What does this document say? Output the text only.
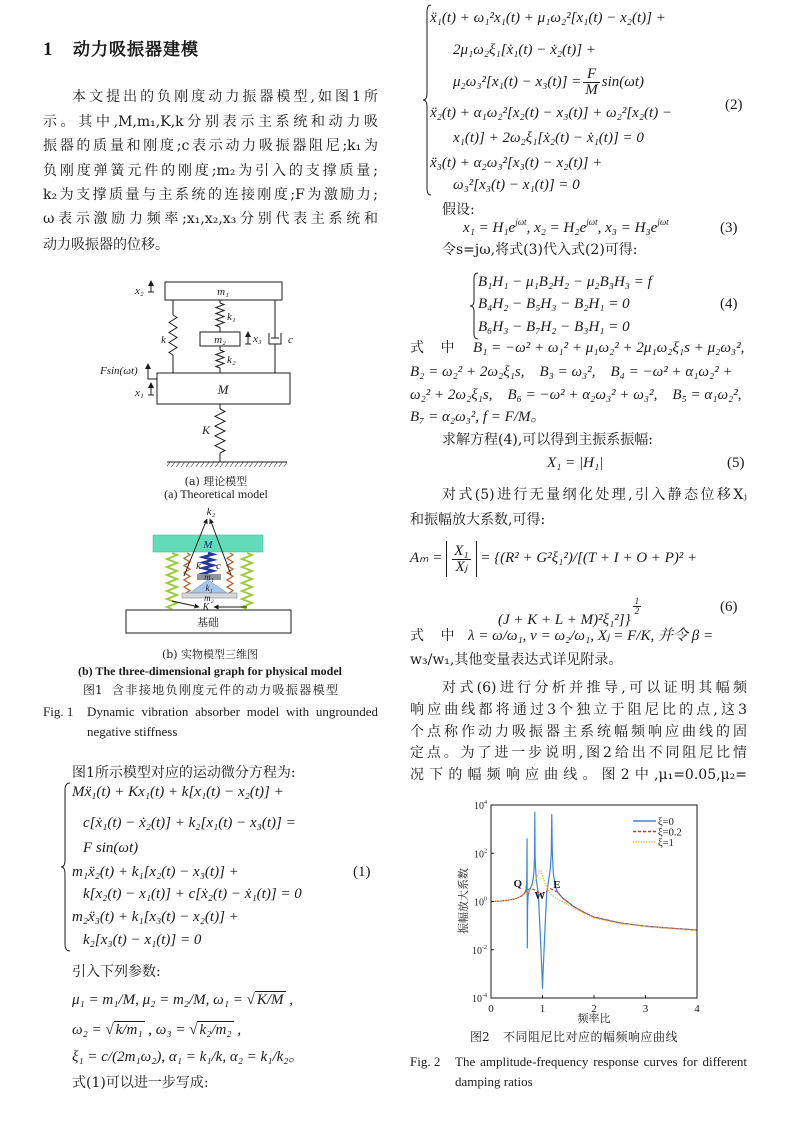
1 动力吸振器建模
本文提出的负刚度动力振器模型,如图1所
示。其中,M,m₁,K,k分别表示主系统和动力吸
振器的质量和刚度;c表示动力吸振器阻尼;k₁为
负刚度弹簧元件的刚度;m₂为引入的支撑质量;
k₂为支撑质量与主系统的连接刚度;F为激励力;
ω表示激励力频率;x₁,x₂,x₃分别代表主系统和
动力吸振器的位移。
m₁
k
k₁
m₂ x₃ c
k₂
M
K
x₂
x₁
Fsin(ωt)
(a) 理论模型
(a) Theoretical model
k₂
M
k c
m₁
k₁
m₂
K
基础
(b) 实物模型三维图
(b) The three-dimensional graph for physical model
图1 含非接地负刚度元件的动力吸振器模型
Fig. 1 Dynamic vibration absorber model with ungrounded
negative stiffness
图1所示模型对应的运动微分方程为:
Mẍ₁(t) + Kx₁(t) + k[x₁(t) − x₂(t)] +
c[ẋ₁(t) − ẋ₂(t)] + k₂[x₁(t) − x₃(t)] =
F sin(ωt)
m₁ẍ₂(t) + k₁[x₂(t) − x₃(t)] +
k[x₂(t) − x₁(t)] + c[ẋ₂(t) − ẋ₁(t)] = 0
m₂ẍ₃(t) + k₁[x₃(t) − x₂(t)] +
k₂[x₃(t) − x₁(t)] = 0
(1)
引入下列参数:
μ₁ = m₁/M, μ₂ = m₂/M, ω₁ = √ K/M ,
ω₂ = √ k/m₁ , ω₃ = √ k₂/m₂ ,
ξ₁ = c/(2m₁ω₂), α₁ = k₁/k, α₂ = k₁/k₂。
式(1)可以进一步写成:
ẍ₁(t) + ω₁²x₁(t) + μ₁ω₂²[x₁(t) − x₂(t)] +
2μ₁ω₂ξ₁[ẋ₁(t) − ẋ₂(t)] +
$\mu_2\omega_3^2[x_1(t) - x_3(t)] = \frac{F}{M} \sin(\omega t)$
ẍ₂(t) + α₁ω₂²[x₂(t) − x₃(t)] + ω₂²[x₂(t) −
x₁(t)] + 2ω₂ξ₁[ẋ₂(t) − ẋ₁(t)] = 0
ẍ₃(t) + α₂ω₃²[x₃(t) − x₂(t)] +
ω₃²[x₃(t) − x₁(t)] = 0
(2)
假设:
$x_1 = H_1e^{j\omega t}$, $x_2 = H_2e^{j\omega t}$, $x_3 = H_3e^{j\omega t}$	(3)
令s=jω,将式(3)代入式(2)可得:
B₁H₁ − μ₁B₂H₂ − μ₂B₃H₃ = f
B₄H₂ − B₅H₃ − B₂H₁ = 0
B₆H₃ − B₇H₂ − B₃H₁ = 0
(4)
式 中 B₁ = −ω² + ω₁² + μ₁ω₂² + 2μ₁ω₂ξ₁s + μ₂ω₃²,
B₂ = ω₂² + 2ω₂ξ₁s,    B₃ = ω₃²,    B₄ = −ω² + α₁ω₂² +
ω₂² + 2ω₂ξ₁s,    B₆ = −ω² + α₂ω₃² + ω₃²,    B₅ = α₁ω₂²,
B₇ = α₂ω₃², f = F/M。
求解方程(4),可以得到主振系振幅:
X₁ = |H₁|	(5)
对式(5)进行无量纲化处理,引入静态位移Xⱼ
和振幅放大系数,可得:
$A_m = \frac{\text{X₁}}{\text{Xⱼ}} = \{(R^2 + G^2\xi_1^2)/[(T + I + O + P)^2$ +
(J + K + L + M)²ξ₁²]}
$\frac{1}{2}$	(6)
式 中 λ = ω/ω₁, ν = ω₂/ω₁, Xⱼ = F/K, 并令 β =
w₃/w₁,其他变量表达式详见附录。
对式(6)进行分析并推导,可以证明其幅频
响应曲线都将通过3个独立于阻尼比的点,这3
个点称作动力吸振器主系统幅频响应曲线的固
定点。为了进一步说明,图2给出不同阻尼比情
况下的幅频响应曲线。图2中,μ₁=0.05,μ₂=
频率比
振幅放大系数
0	1	2	3	4
$10^4$
$10^2$
$10^0$
$10^{-2}$
$10^{-4}$
ξ=0
ξ=0.2
ξ=1
Q
W
E
图2 不同阻尼比对应的幅频响应曲线
Fig. 2 The amplitude-frequency response curves for different
damping ratios
